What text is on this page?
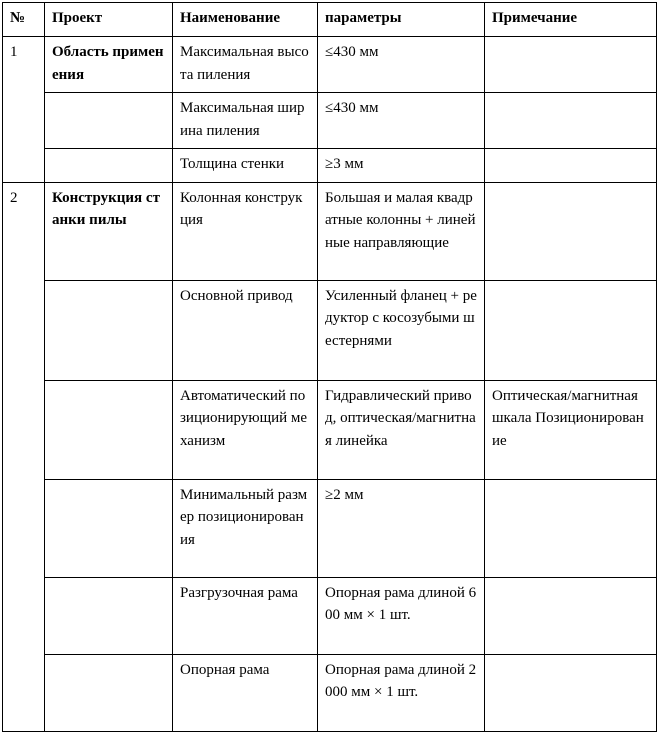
№	Проект	Наименование	параметры	Примечание
1	Область применения	Максимальная высота пиления	≤430 мм	
		Максимальная ширина пиления	≤430 мм	
		Толщина стенки	≥3 мм	
2	Конструкция станки пилы	Колонная конструкция	Большая и малая квадратные колонны + линейные направляющие	
		Основной привод	Усиленный фланец + редуктор с косозубыми шестернями	
		Автоматический позиционирующий механизм	Гидравлический привод, оптическая/магнитная линейка	Оптическая/магнитная шкала Позиционирование
		Минимальный размер позиционирования	≥2 мм	
		Разгрузочная рама	Опорная рама длиной 600 мм × 1 шт.	
		Опорная рама	Опорная рама длиной 2000 мм × 1 шт.	
